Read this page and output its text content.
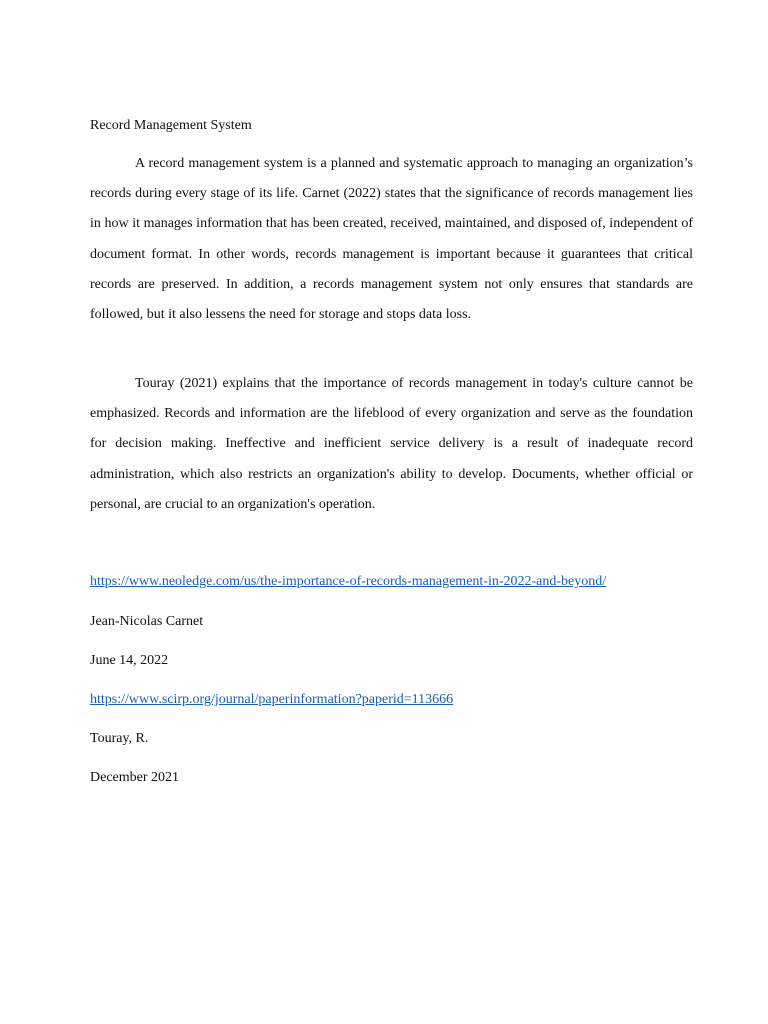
Record Management System

A record management system is a planned and systematic approach to managing an organization’s records during every stage of its life. Carnet (2022) states that the significance of records management lies in how it manages information that has been created, received, maintained, and disposed of, independent of document format. In other words, records management is important because it guarantees that critical records are preserved. In addition, a records management system not only ensures that standards are followed, but it also lessens the need for storage and stops data loss.

Touray (2021) explains that the importance of records management in today's culture cannot be emphasized. Records and information are the lifeblood of every organization and serve as the foundation for decision making. Ineffective and inefficient service delivery is a result of inadequate record administration, which also restricts an organization's ability to develop. Documents, whether official or personal, are crucial to an organization's operation.

https://www.neoledge.com/us/the-importance-of-records-management-in-2022-and-beyond/
Jean-Nicolas Carnet
June 14, 2022
https://www.scirp.org/journal/paperinformation?paperid=113666
Touray, R.
December 2021
